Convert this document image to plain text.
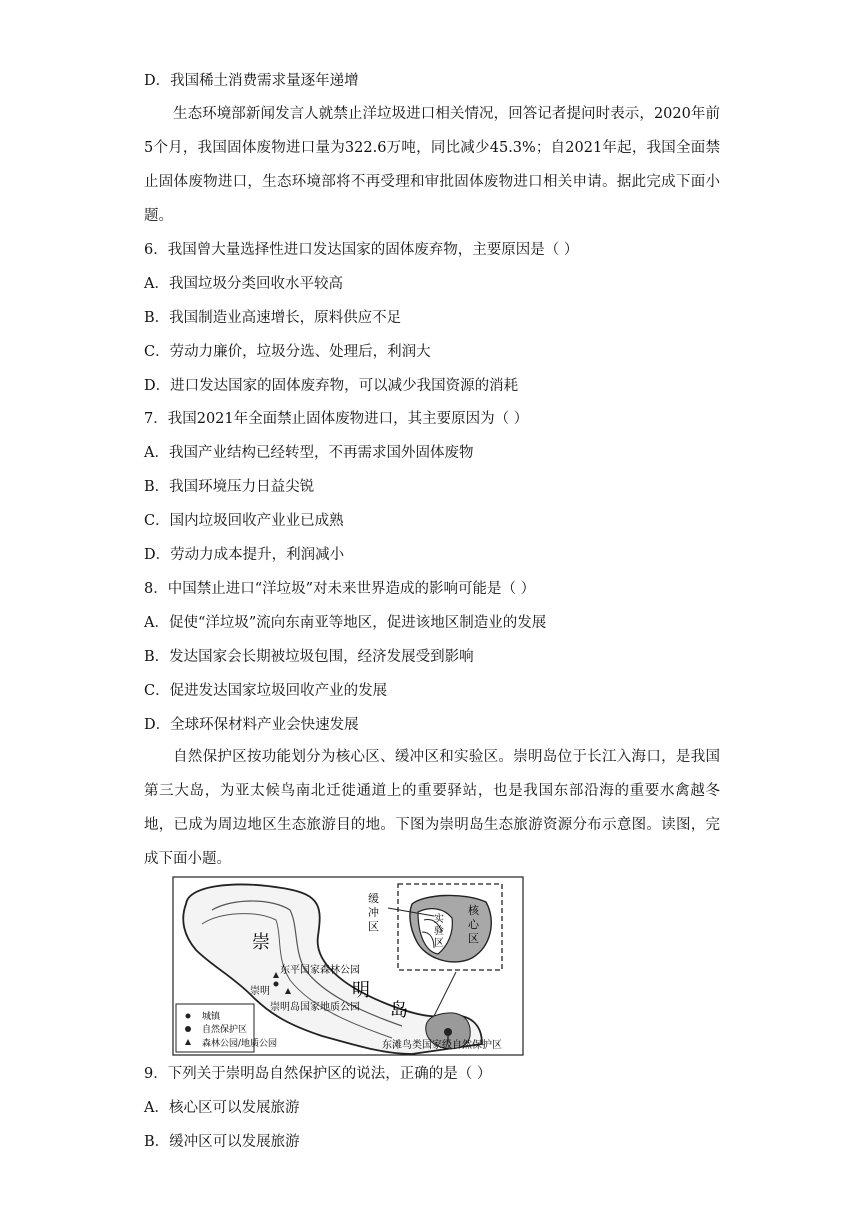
D．我国稀土消费需求量逐年递增
生态环境部新闻发言人就禁止洋垃圾进口相关情况，回答记者提问时表示，2020年前5个月，我国固体废物进口量为322.6万吨，同比减少45.3%；自2021年起，我国全面禁止固体废物进口，生态环境部将不再受理和审批固体废物进口相关申请。据此完成下面小题。
6．我国曾大量选择性进口发达国家的固体废弃物，主要原因是（ ）
A．我国垃圾分类回收水平较高
B．我国制造业高速增长，原料供应不足
C．劳动力廉价，垃圾分选、处理后，利润大
D．进口发达国家的固体废弃物，可以减少我国资源的消耗
7．我国2021年全面禁止固体废物进口，其主要原因为（ ）
A．我国产业结构已经转型，不再需求国外固体废物
B．我国环境压力日益尖锐
C．国内垃圾回收产业业已成熟
D．劳动力成本提升，利润减小
8．中国禁止进口“洋垃圾”对未来世界造成的影响可能是（ ）
A．促使“洋垃圾”流向东南亚等地区，促进该地区制造业的发展
B．发达国家会长期被垃圾包围，经济发展受到影响
C．促进发达国家垃圾回收产业的发展
D．全球环保材料产业会快速发展
自然保护区按功能划分为核心区、缓冲区和实验区。崇明岛位于长江入海口，是我国第三大岛，为亚太候鸟南北迁徙通道上的重要驿站，也是我国东部沿海的重要水禽越冬地，已成为周边地区生态旅游目的地。下图为崇明岛生态旅游资源分布示意图。读图，完成下面小题。
缓
冲
区
实
验
区
核
心
区
崇
明
岛
东平国家森林公园
崇明
崇明岛国家地质公园
东滩鸟类国家级自然保护区
城镇
自然保护区
森林公园/地质公园
9．下列关于崇明岛自然保护区的说法，正确的是（ ）
A．核心区可以发展旅游
B．缓冲区可以发展旅游
